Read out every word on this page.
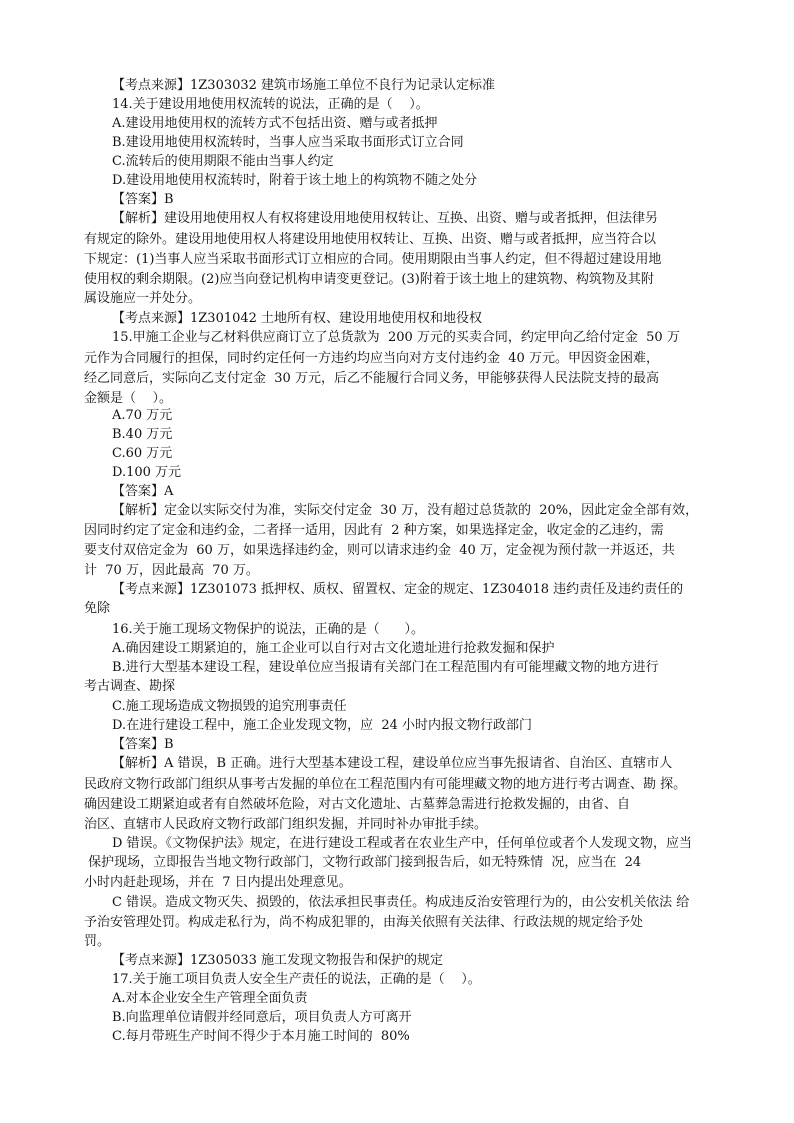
【考点来源】1Z303032 建筑市场施工单位不良行为记录认定标准
14.关于建设用地使用权流转的说法，正确的是（    ）。
A.建设用地使用权的流转方式不包括出资、赠与或者抵押
B.建设用地使用权流转时，当事人应当采取书面形式订立合同
C.流转后的使用期限不能由当事人约定
D.建设用地使用权流转时，附着于该土地上的构筑物不随之处分
【答案】B
【解析】建设用地使用权人有权将建设用地使用权转让、互换、出资、赠与或者抵押，但法律另
有规定的除外。建设用地使用权人将建设用地使用权转让、互换、出资、赠与或者抵押，应当符合以
下规定：(1)当事人应当采取书面形式订立相应的合同。使用期限由当事人约定，但不得超过建设用地
使用权的剩余期限。(2)应当向登记机构申请变更登记。(3)附着于该土地上的建筑物、构筑物及其附
属设施应一并处分。
【考点来源】1Z301042 土地所有权、建设用地使用权和地役权
15.甲施工企业与乙材料供应商订立了总货款为  200 万元的买卖合同，约定甲向乙给付定金  50 万
元作为合同履行的担保，同时约定任何一方违约均应当向对方支付违约金  40 万元。甲因资金困难，
经乙同意后，实际向乙支付定金  30 万元，后乙不能履行合同义务，甲能够获得人民法院支持的最高
金额是（    ）。
A.70 万元
B.40 万元
C.60 万元
D.100 万元
【答案】A
【解析】定金以实际交付为准，实际交付定金  30 万，没有超过总货款的  20%，因此定金全部有效，
因同时约定了定金和违约金，二者择一适用，因此有  2 种方案，如果选择定金，收定金的乙违约，需
要支付双倍定金为  60 万，如果选择违约金，则可以请求违约金  40 万，定金视为预付款一并返还，共
计  70 万，因此最高  70 万。
【考点来源】1Z301073 抵押权、质权、留置权、定金的规定、1Z304018 违约责任及违约责任的
免除
16.关于施工现场文物保护的说法，正确的是（      ）。
A.确因建设工期紧迫的，施工企业可以自行对古文化遗址进行抢救发掘和保护
B.进行大型基本建设工程，建设单位应当报请有关部门在工程范围内有可能埋藏文物的地方进行
考古调查、勘探
C.施工现场造成文物损毁的追究刑事责任
D.在进行建设工程中，施工企业发现文物，应  24 小时内报文物行政部门
【答案】B
【解析】A 错误，B 正确。进行大型基本建设工程，建设单位应当事先报请省、自治区、直辖市人
民政府文物行政部门组织从事考古发掘的单位在工程范围内有可能埋藏文物的地方进行考古调查、勘 探。
确因建设工期紧迫或者有自然破坏危险，对古文化遗址、古墓葬急需进行抢救发掘的，由省、自
治区、直辖市人民政府文物行政部门组织发掘，并同时补办审批手续。
D 错误。《文物保护法》规定，在进行建设工程或者在农业生产中，任何单位或者个人发现文物，应当
保护现场，立即报告当地文物行政部门，文物行政部门接到报告后，如无特殊情  况，应当在  24
小时内赶赴现场，并在  7 日内提出处理意见。
C 错误。造成文物灭失、损毁的，依法承担民事责任。构成违反治安管理行为的，由公安机关依法 给
予治安管理处罚。构成走私行为，尚不构成犯罪的，由海关依照有关法律、行政法规的规定给予处
罚。
【考点来源】1Z305033 施工发现文物报告和保护的规定
17.关于施工项目负责人安全生产责任的说法，正确的是（    ）。
A.对本企业安全生产管理全面负责
B.向监理单位请假并经同意后，项目负责人方可离开
C.每月带班生产时间不得少于本月施工时间的  80%
